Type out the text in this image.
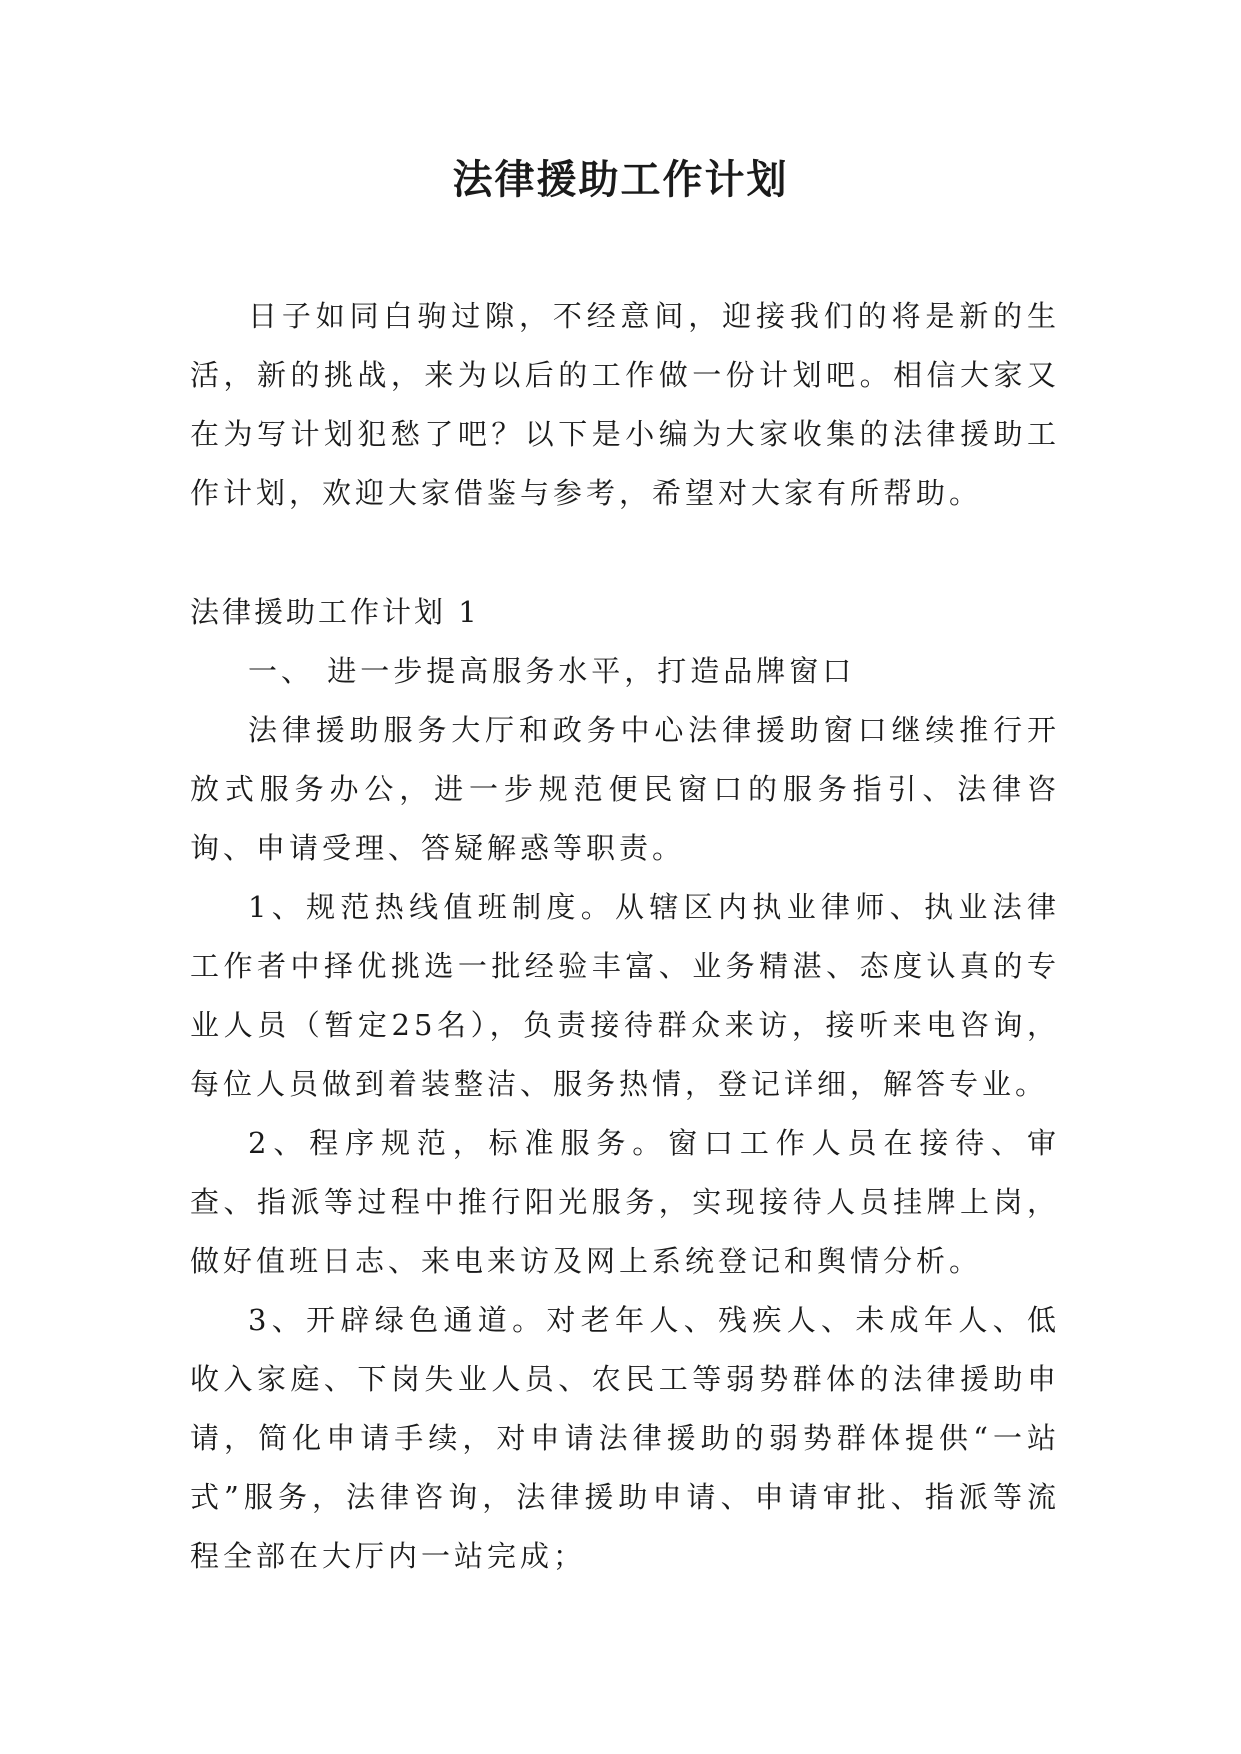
法律援助工作计划

日子如同白驹过隙，不经意间，迎接我们的将是新的生活，新的挑战，来为以后的工作做一份计划吧。相信大家又在为写计划犯愁了吧？以下是小编为大家收集的法律援助工作计划，欢迎大家借鉴与参考，希望对大家有所帮助。

法律援助工作计划 1

一、 进一步提高服务水平，打造品牌窗口

法律援助服务大厅和政务中心法律援助窗口继续推行开放式服务办公，进一步规范便民窗口的服务指引、法律咨询、申请受理、答疑解惑等职责。

1、规范热线值班制度。从辖区内执业律师、执业法律工作者中择优挑选一批经验丰富、业务精湛、态度认真的专业人员（暂定25名），负责接待群众来访，接听来电咨询，每位人员做到着装整洁、服务热情，登记详细，解答专业。

2、程序规范，标准服务。窗口工作人员在接待、审查、指派等过程中推行阳光服务，实现接待人员挂牌上岗，做好值班日志、来电来访及网上系统登记和舆情分析。

3、开辟绿色通道。对老年人、残疾人、未成年人、低收入家庭、下岗失业人员、农民工等弱势群体的法律援助申请，简化申请手续，对申请法律援助的弱势群体提供“一站式”服务，法律咨询，法律援助申请、申请审批、指派等流程全部在大厅内一站完成；
